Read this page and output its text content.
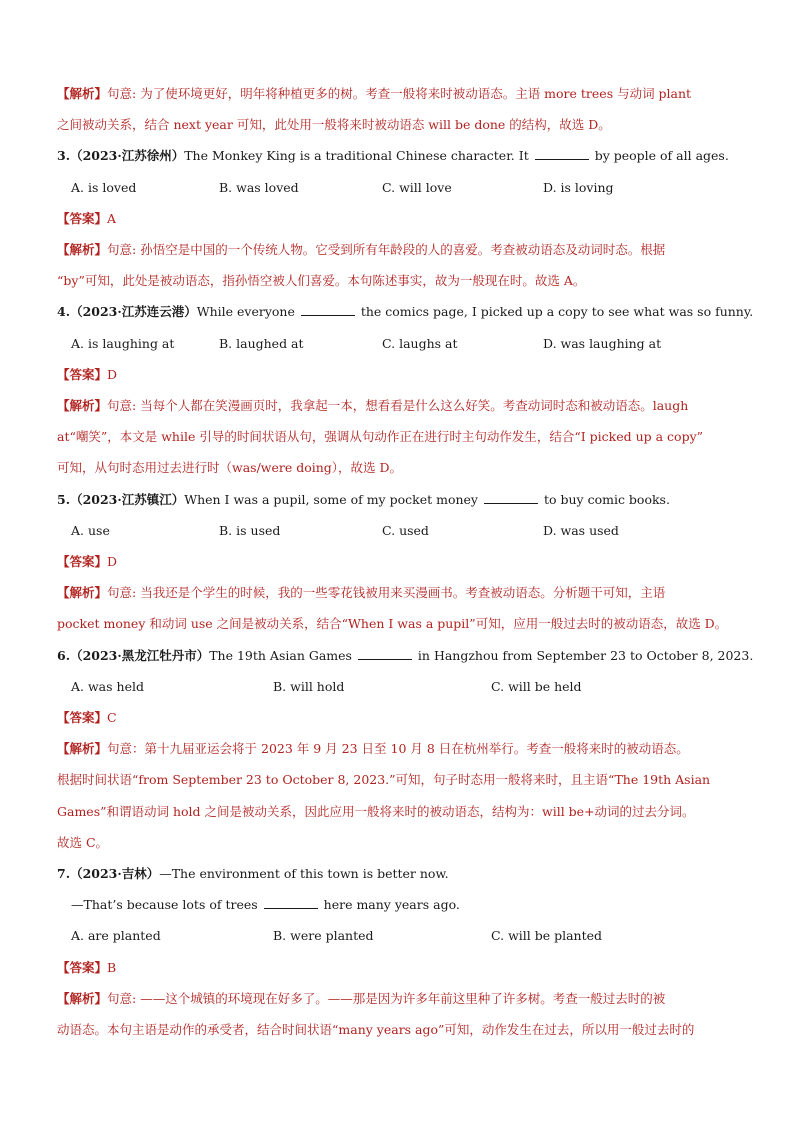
【解析】句意: 为了使环境更好，明年将种植更多的树。考查一般将来时被动语态。主语 more trees 与动词 plant
之间被动关系，结合 next year 可知，此处用一般将来时被动语态 will be done 的结构，故选 D。
3.（2023·江苏徐州）The Monkey King is a traditional Chinese character. It	by people of all ages.
A. is loved	B. was loved	C. will love	D. is loving
【答案】A
【解析】句意: 孙悟空是中国的一个传统人物。它受到所有年龄段的人的喜爱。考查被动语态及动词时态。根据
“by”可知，此处是被动语态，指孙悟空被人们喜爱。本句陈述事实，故为一般现在时。故选 A。
4.（2023·江苏连云港）While everyone	the comics page, I picked up a copy to see what was so funny.
A. is laughing at	B. laughed at	C. laughs at	D. was laughing at
【答案】D
【解析】句意: 当每个人都在笑漫画页时，我拿起一本，想看看是什么这么好笑。考查动词时态和被动语态。laugh
at“嘲笑”，本文是 while 引导的时间状语从句，强调从句动作正在进行时主句动作发生，结合“I picked up a copy”
可知，从句时态用过去进行时（was/were doing），故选 D。
5.（2023·江苏镇江）When I was a pupil, some of my pocket money	to buy comic books.
A. use	B. is used	C. used	D. was used
【答案】D
【解析】句意: 当我还是个学生的时候，我的一些零花钱被用来买漫画书。考查被动语态。分析题干可知，主语
pocket money 和动词 use 之间是被动关系，结合“When I was a pupil”可知，应用一般过去时的被动语态，故选 D。
6.（2023·黑龙江牡丹市）The 19th Asian Games	in Hangzhou from September 23 to October 8, 2023.
A. was held	B. will hold	C. will be held
【答案】C
【解析】句意：第十九届亚运会将于 2023 年 9 月 23 日至 10 月 8 日在杭州举行。考查一般将来时的被动语态。
根据时间状语“from September 23 to October 8, 2023.”可知，句子时态用一般将来时，且主语“The 19th Asian
Games”和谓语动词 hold 之间是被动关系，因此应用一般将来时的被动语态，结构为：will be+动词的过去分词。
故选 C。
7.（2023·吉林）—The environment of this town is better now.
—That’s because lots of trees	here many years ago.
A. are planted	B. were planted	C. will be planted
【答案】B
【解析】句意: ——这个城镇的环境现在好多了。——那是因为许多年前这里种了许多树。考查一般过去时的被
动语态。本句主语是动作的承受者，结合时间状语“many years ago”可知，动作发生在过去，所以用一般过去时的
